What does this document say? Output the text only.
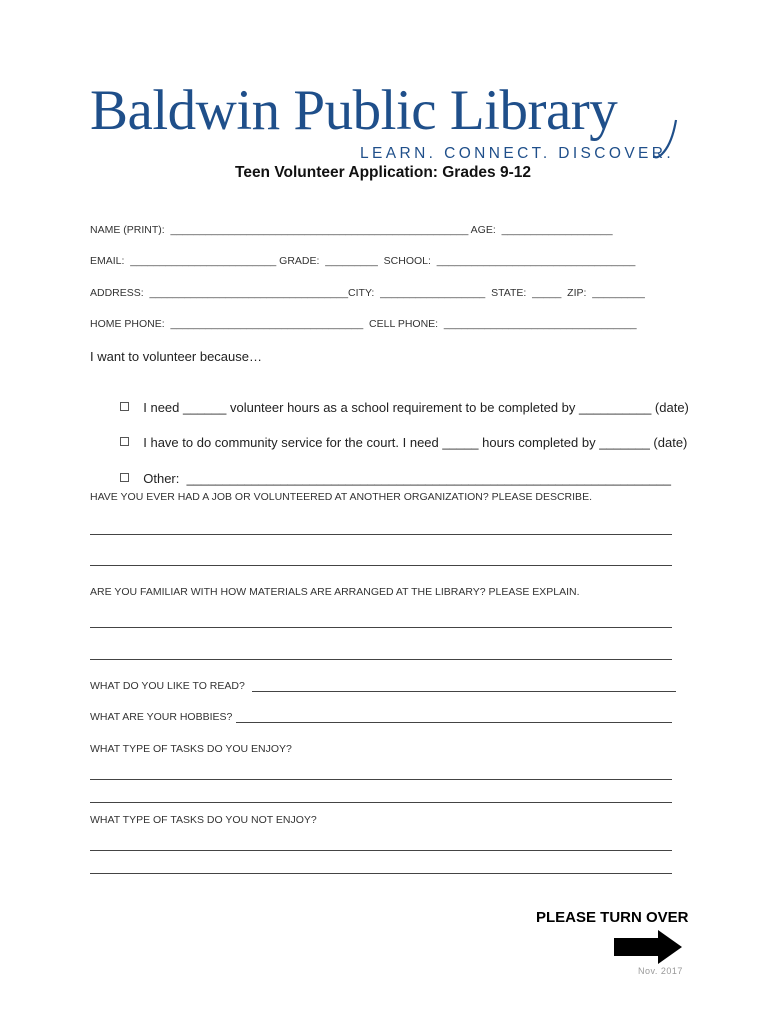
Baldwin Public Library
LEARN. CONNECT. DISCOVER.
Teen Volunteer Application: Grades 9-12
NAME (PRINT):  ___________________________________________________ AGE:  ___________________
EMAIL:  _________________________ GRADE:  _________  SCHOOL:  __________________________________
ADDRESS:  __________________________________CITY:  __________________  STATE:  _____  ZIP:  _________
HOME PHONE:  _________________________________  CELL PHONE:  _________________________________
I want to volunteer because…

I need ______ volunteer hours as a school requirement to be completed by __________ (date)

I have to do community service for the court. I need _____ hours completed by _______ (date)

Other:  ___________________________________________________________________

HAVE YOU EVER HAD A JOB OR VOLUNTEERED AT ANOTHER ORGANIZATION? PLEASE DESCRIBE.
ARE YOU FAMILIAR WITH HOW MATERIALS ARE ARRANGED AT THE LIBRARY? PLEASE EXPLAIN.
WHAT DO YOU LIKE TO READ?
WHAT ARE YOUR HOBBIES?
WHAT TYPE OF TASKS DO YOU ENJOY?
WHAT TYPE OF TASKS DO YOU NOT ENJOY?
PLEASE TURN OVER
Nov. 2017
